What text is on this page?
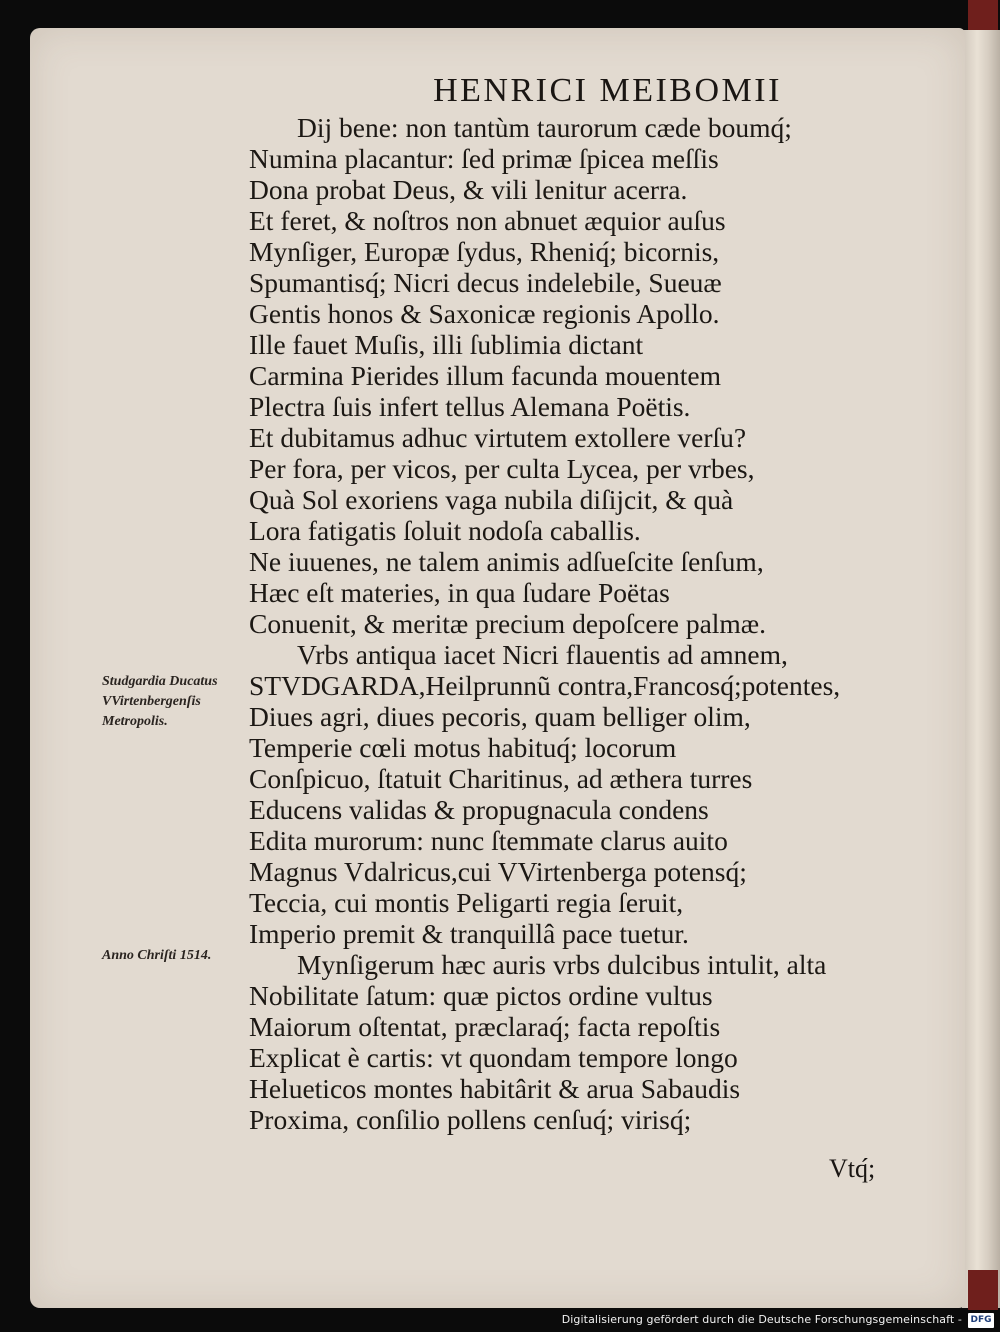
HENRICI MEIBOMII
Dij bene: non tantùm taurorum cæde boumq́;
Numina placantur: ſed primæ ſpicea meſſis
Dona probat Deus, & vili lenitur acerra.
Et feret, & noſtros non abnuet æquior auſus
Mynſiger, Europæ ſydus, Rheniq́; bicornis,
Spumantisq́; Nicri decus indelebile, Sueuæ
Gentis honos & Saxonicæ regionis Apollo.
Ille fauet Muſis, illi ſublimia dictant
Carmina Pierides illum facunda mouentem
Plectra ſuis infert tellus Alemana Poëtis.
Et dubitamus adhuc virtutem extollere verſu?
Per fora, per vicos, per culta Lycea, per vrbes,
Quà Sol exoriens vaga nubila diſijcit, & quà
Lora fatigatis ſoluit nodoſa caballis.
Ne iuuenes, ne talem animis adſueſcite ſenſum,
Hæc eſt materies, in qua ſudare Poëtas
Conuenit, & meritæ precium depoſcere palmæ.
Vrbs antiqua iacet Nicri flauentis ad amnem,
STVDGARDA,Heilprunnũ contra,Francosq́;potentes,
Diues agri, diues pecoris, quam belliger olim,
Temperie cœli motus habituq́; locorum
Conſpicuo, ſtatuit Charitinus, ad æthera turres
Educens validas & propugnacula condens
Edita murorum: nunc ſtemmate clarus auito
Magnus Vdalricus,cui VVirtenberga potensq́;
Teccia, cui montis Peligarti regia ſeruit,
Imperio premit & tranquillâ pace tuetur.
Mynſigerum hæc auris vrbs dulcibus intulit, alta
Nobilitate ſatum: quæ pictos ordine vultus
Maiorum oſtentat, præclaraq́; facta repoſtis
Explicat è cartis: vt quondam tempore longo
Helueticos montes habitârit & arua Sabaudis
Proxima, conſilio pollens cenſuq́; virisq́;

Studgardia Ducatus VVirtenbergenſis Metropolis.

Anno Chriſti 1514.

Vtq́;
Digitalisierung gefördert durch die Deutsche Forschungsgemeinschaft - DFG
